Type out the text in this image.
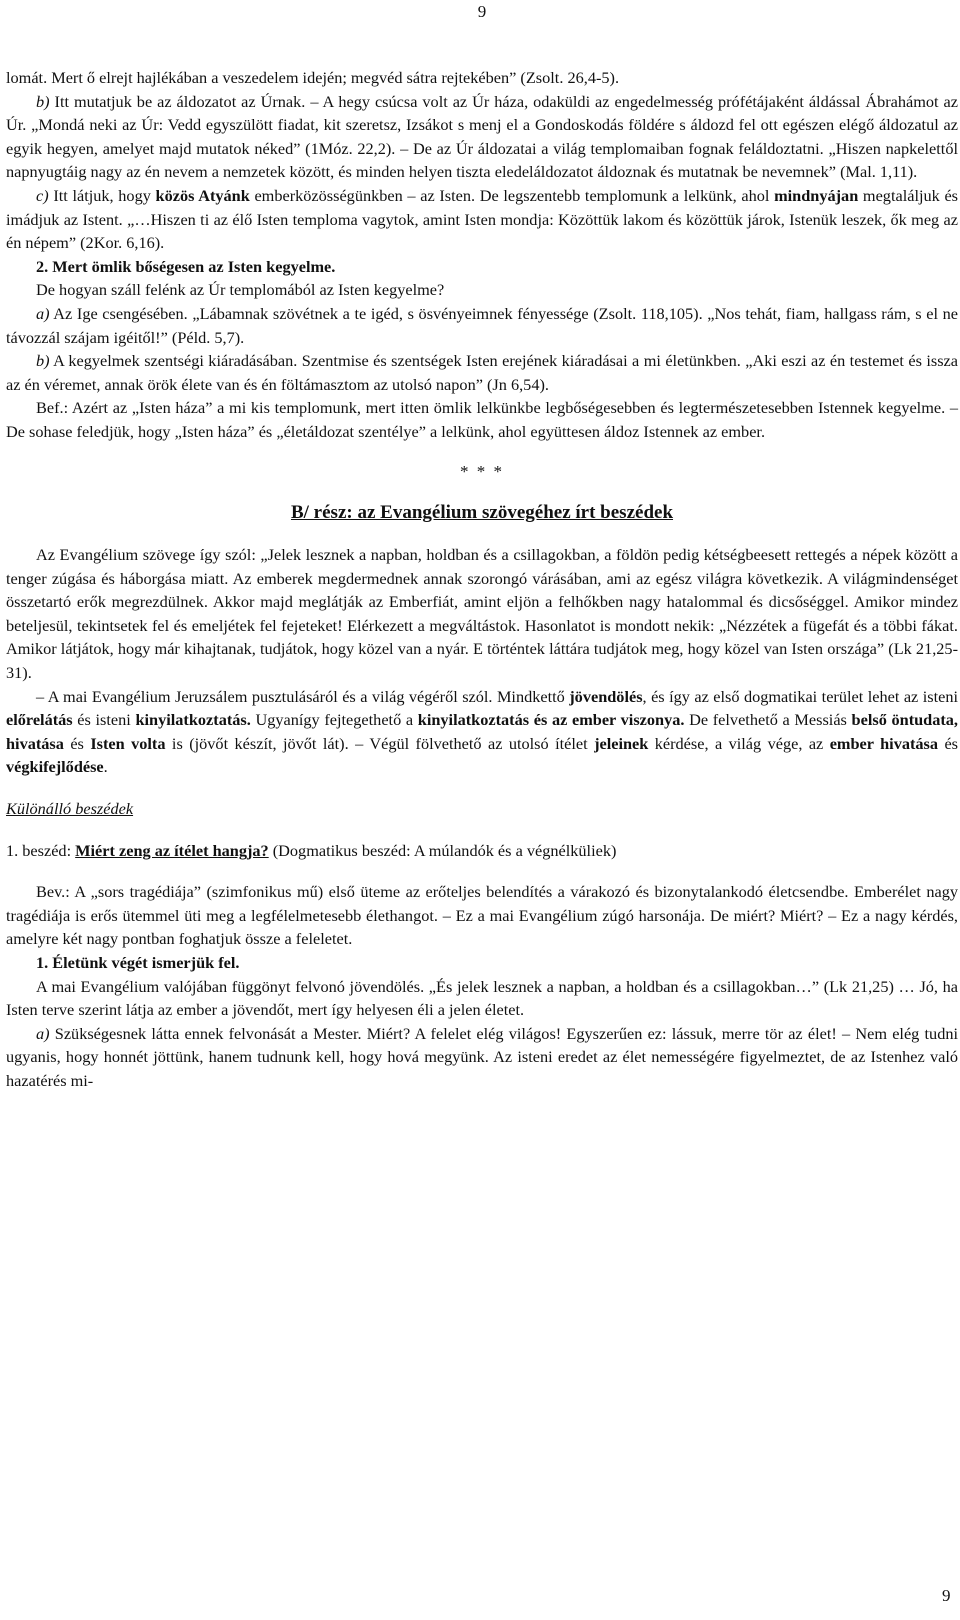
9

lomát. Mert ő elrejt hajlékában a veszedelem idején; megvéd sátra rejtekében” (Zsolt. 26,4-5).

b) Itt mutatjuk be az áldozatot az Úrnak. – A hegy csúcsa volt az Úr háza, odaküldi az engedelmesség prófétájaként áldással Ábrahámot az Úr. „Mondá neki az Úr: Vedd egyszülött fiadat, kit szeretsz, Izsákot s menj el a Gondoskodás földére s áldozd fel ott egészen elégő áldozatul az egyik hegyen, amelyet majd mutatok néked” (1Móz. 22,2). – De az Úr áldozatai a világ templomaiban fognak feláldoztatni. „Hiszen napkelettől napnyugtáig nagy az én nevem a nemzetek között, és minden helyen tiszta eledeláldozatot áldoznak és mutatnak be nevemnek” (Mal. 1,11).

c) Itt látjuk, hogy közös Atyánk emberközösségünkben – az Isten. De legszentebb templomunk a lelkünk, ahol mindnyájan megtaláljuk és imádjuk az Istent. „…Hiszen ti az élő Isten temploma vagytok, amint Isten mondja: Közöttük lakom és közöttük járok, Istenük leszek, ők meg az én népem” (2Kor. 6,16).

2. Mert ömlik bőségesen az Isten kegyelme.

De hogyan száll felénk az Úr templomából az Isten kegyelme?

a) Az Ige csengésében. „Lábamnak szövétnek a te igéd, s ösvényeimnek fényessége (Zsolt. 118,105). „Nos tehát, fiam, hallgass rám, s el ne távozzál szájam igéitől!” (Péld. 5,7).

b) A kegyelmek szentségi kiáradásában. Szentmise és szentségek Isten erejének kiáradásai a mi életünkben. „Aki eszi az én testemet és issza az én véremet, annak örök élete van és én föltámasztom az utolsó napon” (Jn 6,54).

Bef.: Azért az „Isten háza” a mi kis templomunk, mert itten ömlik lelkünkbe legbőségesebben és legtermészetesebben Istennek kegyelme. – De sohase feledjük, hogy „Isten háza” és „életáldozat szentélye” a lelkünk, ahol együttesen áldoz Istennek az ember.

* * *

B/ rész: az Evangélium szövegéhez írt beszédek

Az Evangélium szövege így szól: „Jelek lesznek a napban, holdban és a csillagokban, a földön pedig kétségbeesett rettegés a népek között a tenger zúgása és háborgása miatt. Az emberek megdermednek annak szorongó várásában, ami az egész világra következik. A világmindenséget összetartó erők megrezdülnek. Akkor majd meglátják az Emberfiát, amint eljön a felhőkben nagy hatalommal és dicsőséggel. Amikor mindez beteljesül, tekintsetek fel és emeljétek fel fejeteket! Elérkezett a megváltástok. Hasonlatot is mondott nekik: „Nézzétek a fügefát és a többi fákat. Amikor látjátok, hogy már kihajtanak, tudjátok, hogy közel van a nyár. E történtek láttára tudjátok meg, hogy közel van Isten országa” (Lk 21,25-31).

– A mai Evangélium Jeruzsálem pusztulásáról és a világ végéről szól. Mindkettő jövendölés, és így az első dogmatikai terület lehet az isteni előrelátás és isteni kinyilatkoztatás. Ugyanígy fejtegethető a kinyilatkoztatás és az ember viszonya. De felvethető a Messiás belső öntudata, hivatása és Isten volta is (jövőt készít, jövőt lát). – Végül fölvethető az utolsó ítélet jeleinek kérdése, a világ vége, az ember hivatása és végkifejlődése.

Különálló beszédek

1. beszéd: Miért zeng az ítélet hangja? (Dogmatikus beszéd: A múlandók és a végnélküliek)

Bev.: A „sors tragédiája” (szimfonikus mű) első üteme az erőteljes belendítés a várakozó és bizonytalankodó életcsendbe. Emberélet nagy tragédiája is erős ütemmel üti meg a legfélelmetesebb élethangot. – Ez a mai Evangélium zúgó harsonája. De miért? Miért? – Ez a nagy kérdés, amelyre két nagy pontban foghatjuk össze a feleletet.

1. Életünk végét ismerjük fel.

A mai Evangélium valójában függönyt felvonó jövendölés. „És jelek lesznek a napban, a holdban és a csillagokban…” (Lk 21,25) … Jó, ha Isten terve szerint látja az ember a jövendőt, mert így helyesen éli a jelen életet.

a) Szükségesnek látta ennek felvonását a Mester. Miért? A felelet elég világos! Egyszerűen ez: lássuk, merre tör az élet! – Nem elég tudni ugyanis, hogy honnét jöttünk, hanem tudnunk kell, hogy hová megyünk. Az isteni eredet az élet nemességére figyelmeztet, de az Istenhez való hazatérés mi-

9
